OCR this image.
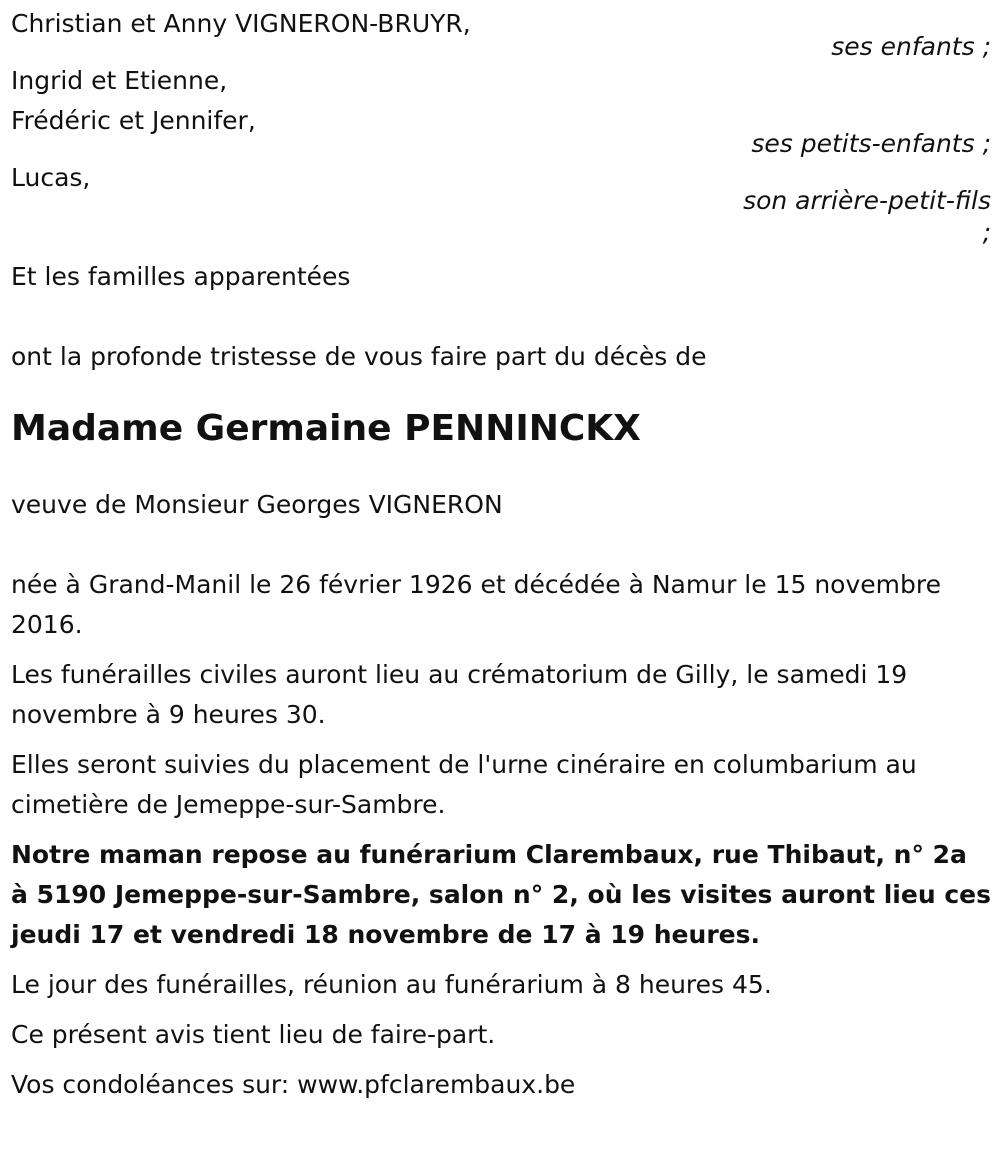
Christian et Anny VIGNERON-BRUYR,
ses enfants ;
Ingrid et Etienne,
Frédéric et Jennifer,
ses petits-enfants ;
Lucas,
son arrière-petit-fils
;
Et les familles apparentées
ont la profonde tristesse de vous faire part du décès de
Madame Germaine PENNINCKX
veuve de Monsieur Georges VIGNERON
née à Grand-Manil le 26 février 1926 et décédée à Namur le 15 novembre 2016.
Les funérailles civiles auront lieu au crématorium de Gilly, le samedi 19 novembre à 9 heures 30.
Elles seront suivies du placement de l'urne cinéraire en columbarium au cimetière de Jemeppe-sur-Sambre.
Notre maman repose au funérarium Clarembaux, rue Thibaut, n° 2a à 5190 Jemeppe-sur-Sambre, salon n° 2, où les visites auront lieu ces jeudi 17 et vendredi 18 novembre de 17 à 19 heures.
Le jour des funérailles, réunion au funérarium à 8 heures 45.
Ce présent avis tient lieu de faire-part.
Vos condoléances sur: www.pfclarembaux.be
